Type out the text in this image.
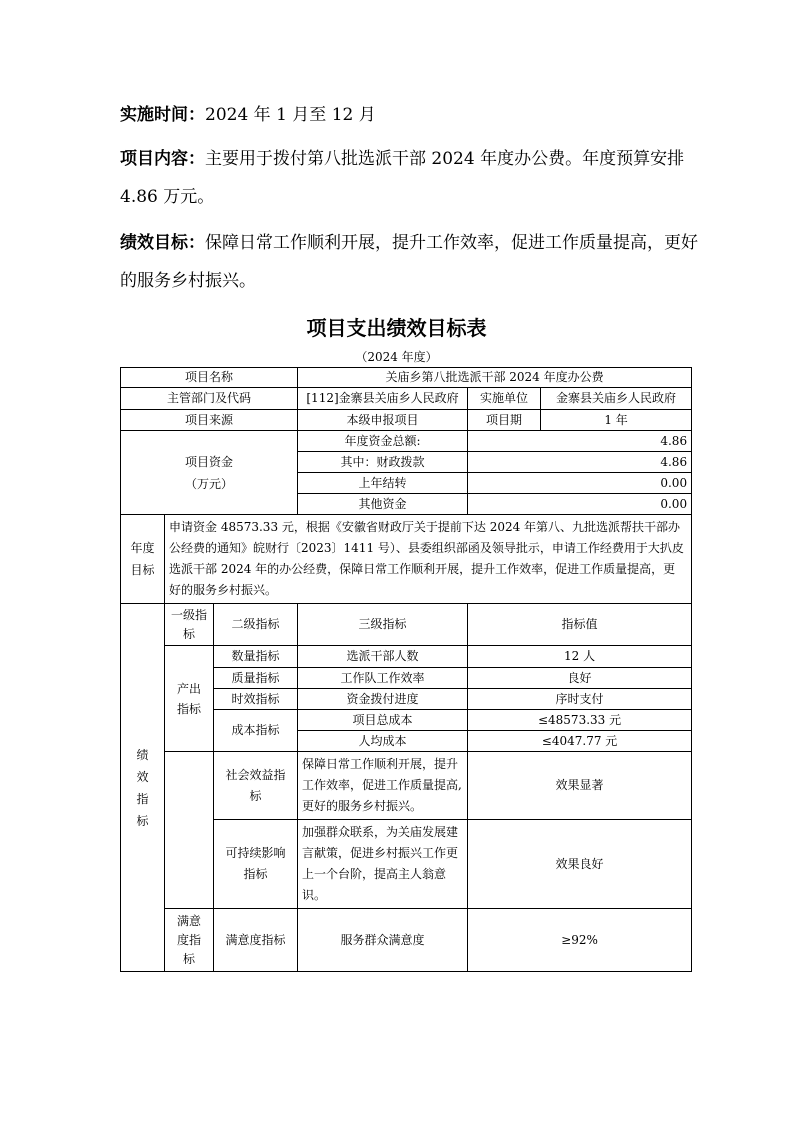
实施时间：2024 年 1 月至 12 月
项目内容：主要用于拨付第八批选派干部 2024 年度办公费。年度预算安排 4.86 万元。
绩效目标：保障日常工作顺利开展，提升工作效率，促进工作质量提高，更好的服务乡村振兴。
项目支出绩效目标表
（2024 年度）
项目名称			关庙乡第八批选派干部 2024 年度办公费		
主管部门及代码			[112]金寨县关庙乡人民政府	实施单位	金寨县关庙乡人民政府
项目来源			本级申报项目	项目期	1 年

项目资金
（万元）			年度资金总额:	4.86	
			其中：财政拨款	4.86	
			上年结转	0.00	
			其他资金	0.00	
年度目标	申请资金 48573.33 元，根据《安徽省财政厅关于提前下达 2024 年第八、九批选派帮扶干部办公经费的通知》皖财行〔2023〕1411 号）、县委组织部函及领导批示，申请工作经费用于大扒皮选派干部 2024 年的办公经费，保障日常工作顺利开展，提升工作效率，促进工作质量提高，更好的服务乡村振兴。				
绩效指标	一级指标	二级指标	三级指标	指标值	
	产出指标	数量指标	选派干部人数	12 人	
		质量指标	工作队工作效率	良好	
		时效指标	资金拨付进度	序时支付	
		成本指标	项目总成本	≤48573.33 元	
			人均成本	≤4047.77 元	
		社会效益指标	保障日常工作顺利开展，提升工作效率，促进工作质量提高,更好的服务乡村振兴。	效果显著	
		可持续影响指标	加强群众联系，为关庙发展建言献策，促进乡村振兴工作更上一个台阶，提高主人翁意识。	效果良好	
	满意度指标	满意度指标	服务群众满意度	≥92%	
